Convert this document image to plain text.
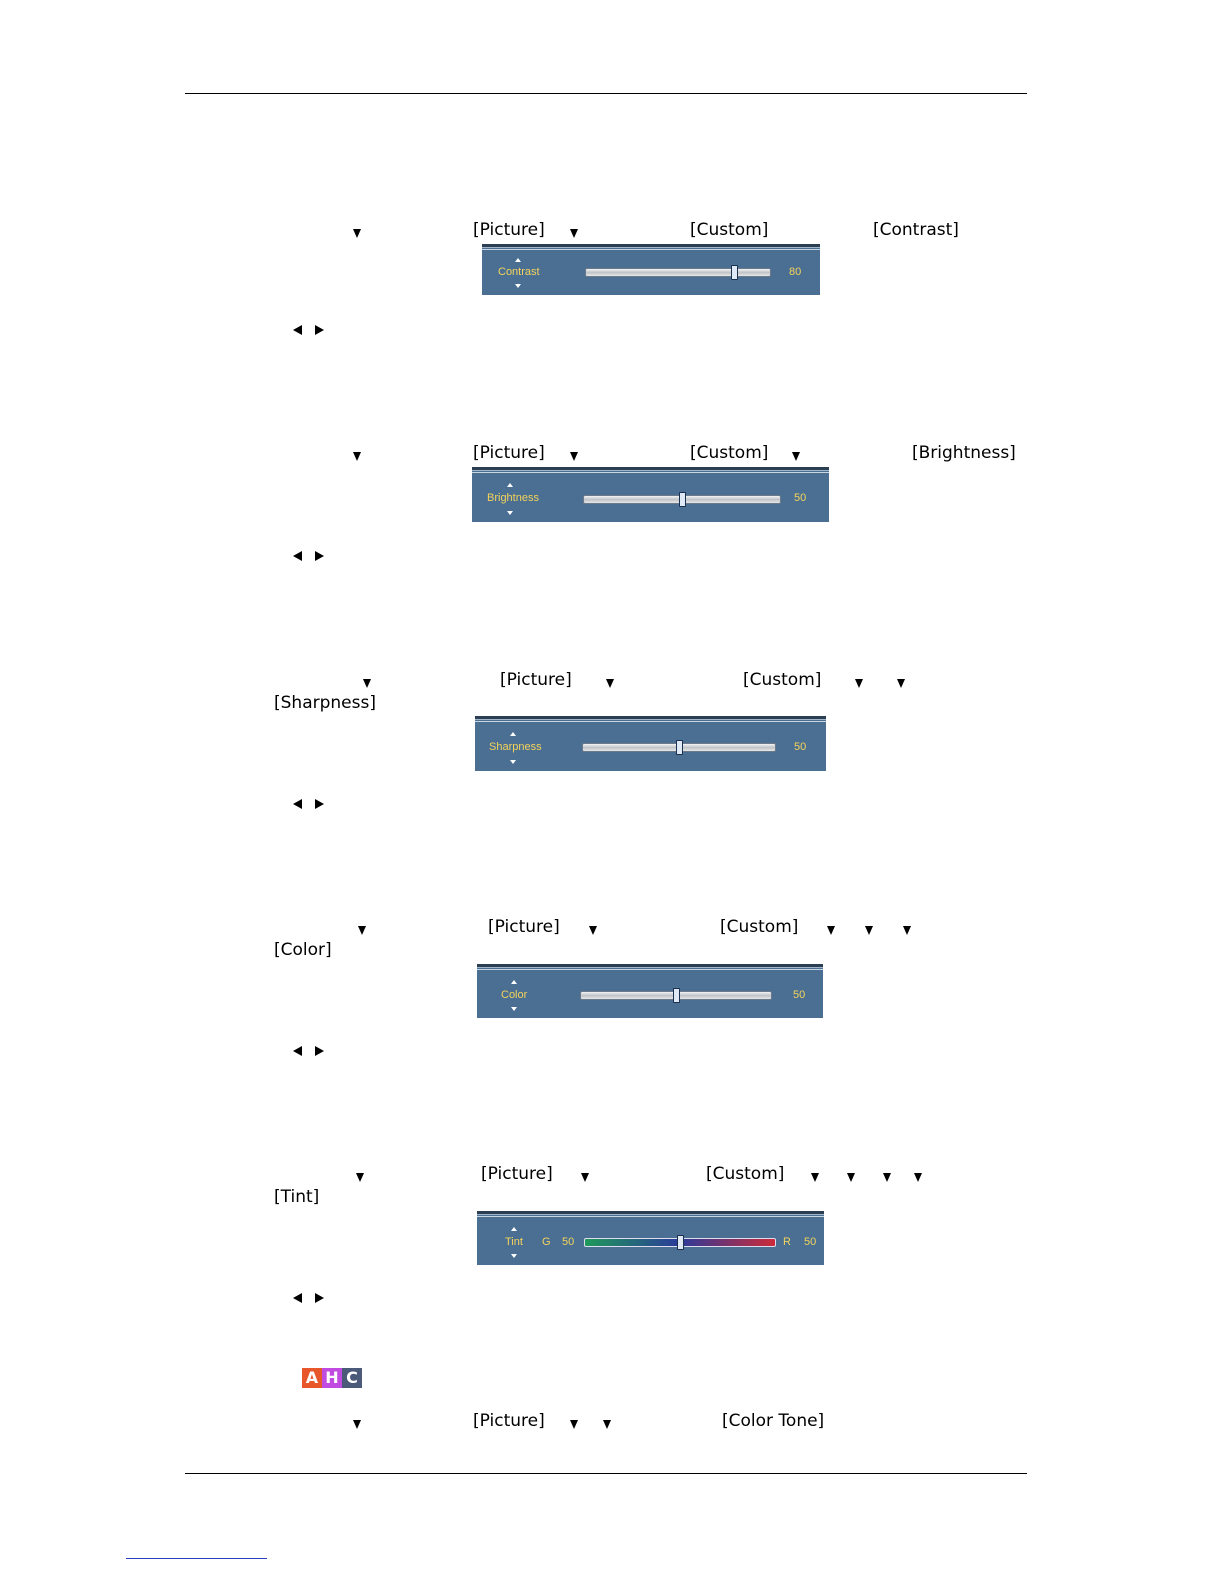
[Picture]	[Custom]	[Contrast]
Contrast	80
[Picture]	[Custom]	[Brightness]
Brightness	50
[Picture]	[Custom]
[Sharpness]
Sharpness	50
[Picture]	[Custom]
[Color]
Color	50
[Picture]	[Custom]
[Tint]
Tint G 50	R 50
A H C
[Picture]	[Color Tone]
